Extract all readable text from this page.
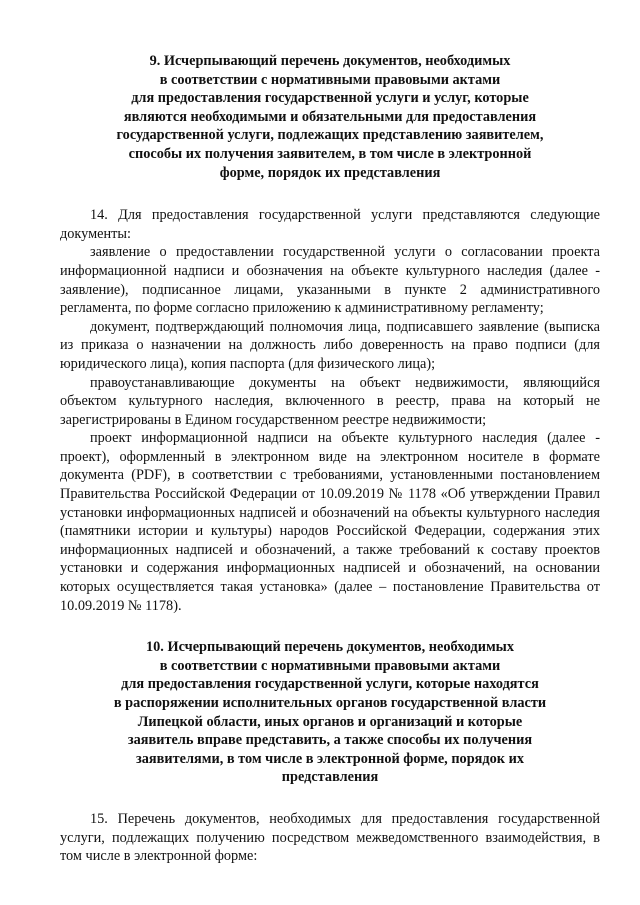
9. Исчерпывающий перечень документов, необходимых
в соответствии с нормативными правовыми актами
для предоставления государственной услуги и услуг, которые
являются необходимыми и обязательными для предоставления
государственной услуги, подлежащих представлению заявителем,
способы их получения заявителем, в том числе в электронной
форме, порядок их представления

14. Для предоставления государственной услуги представляются следующие документы:

заявление о предоставлении государственной услуги о согласовании проекта информационной надписи и обозначения на объекте культурного наследия (далее - заявление), подписанное лицами, указанными в пункте 2 административного регламента, по форме согласно приложению к административному регламенту;

документ, подтверждающий полномочия лица, подписавшего заявление (выписка из приказа о назначении на должность либо доверенность на право подписи (для юридического лица), копия паспорта (для физического лица);

правоустанавливающие документы на объект недвижимости, являющийся объектом культурного наследия, включенного в реестр, права на который не зарегистрированы в Едином государственном реестре недвижимости;

проект информационной надписи на объекте культурного наследия (далее - проект), оформленный в электронном виде на электронном носителе в формате документа (PDF), в соответствии с требованиями, установленными постановлением Правительства Российской Федерации от 10.09.2019 № 1178 «Об утверждении Правил установки информационных надписей и обозначений на объекты культурного наследия (памятники истории и культуры) народов Российской Федерации, содержания этих информационных надписей и обозначений, а также требований к составу проектов установки и содержания информационных надписей и обозначений, на основании которых осуществляется такая установка» (далее – постановление Правительства от 10.09.2019 № 1178).

10. Исчерпывающий перечень документов, необходимых
в соответствии с нормативными правовыми актами
для предоставления государственной услуги, которые находятся
в распоряжении исполнительных органов государственной власти
Липецкой области, иных органов и организаций и которые
заявитель вправе представить, а также способы их получения
заявителями, в том числе в электронной форме, порядок их
представления

15. Перечень документов, необходимых для предоставления государственной услуги, подлежащих получению посредством межведомственного взаимодействия, в том числе в электронной форме:
